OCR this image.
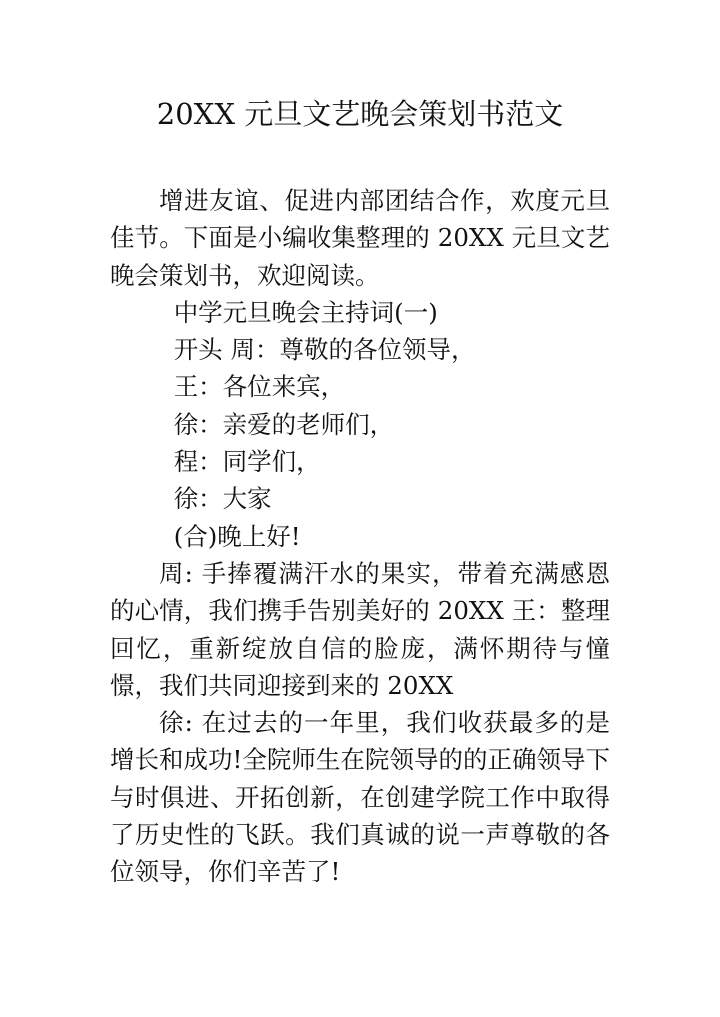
20XX 元旦文艺晚会策划书范文

增进友谊、促进内部团结合作，欢度元旦佳节。下面是小编收集整理的 20XX 元旦文艺晚会策划书，欢迎阅读。

中学元旦晚会主持词(一)

开头 周：尊敬的各位领导，

王：各位来宾，

徐：亲爱的老师们，

程：同学们，

徐：大家

(合)晚上好!

周: 手捧覆满汗水的果实，带着充满感恩的心情，我们携手告别美好的 20XX 王：整理回忆，重新绽放自信的脸庞，满怀期待与憧憬，我们共同迎接到来的 20XX

徐: 在过去的一年里，我们收获最多的是增长和成功!全院师生在院领导的的正确领导下与时俱进、开拓创新，在创建学院工作中取得了历史性的飞跃。我们真诚的说一声尊敬的各位领导，你们辛苦了!
